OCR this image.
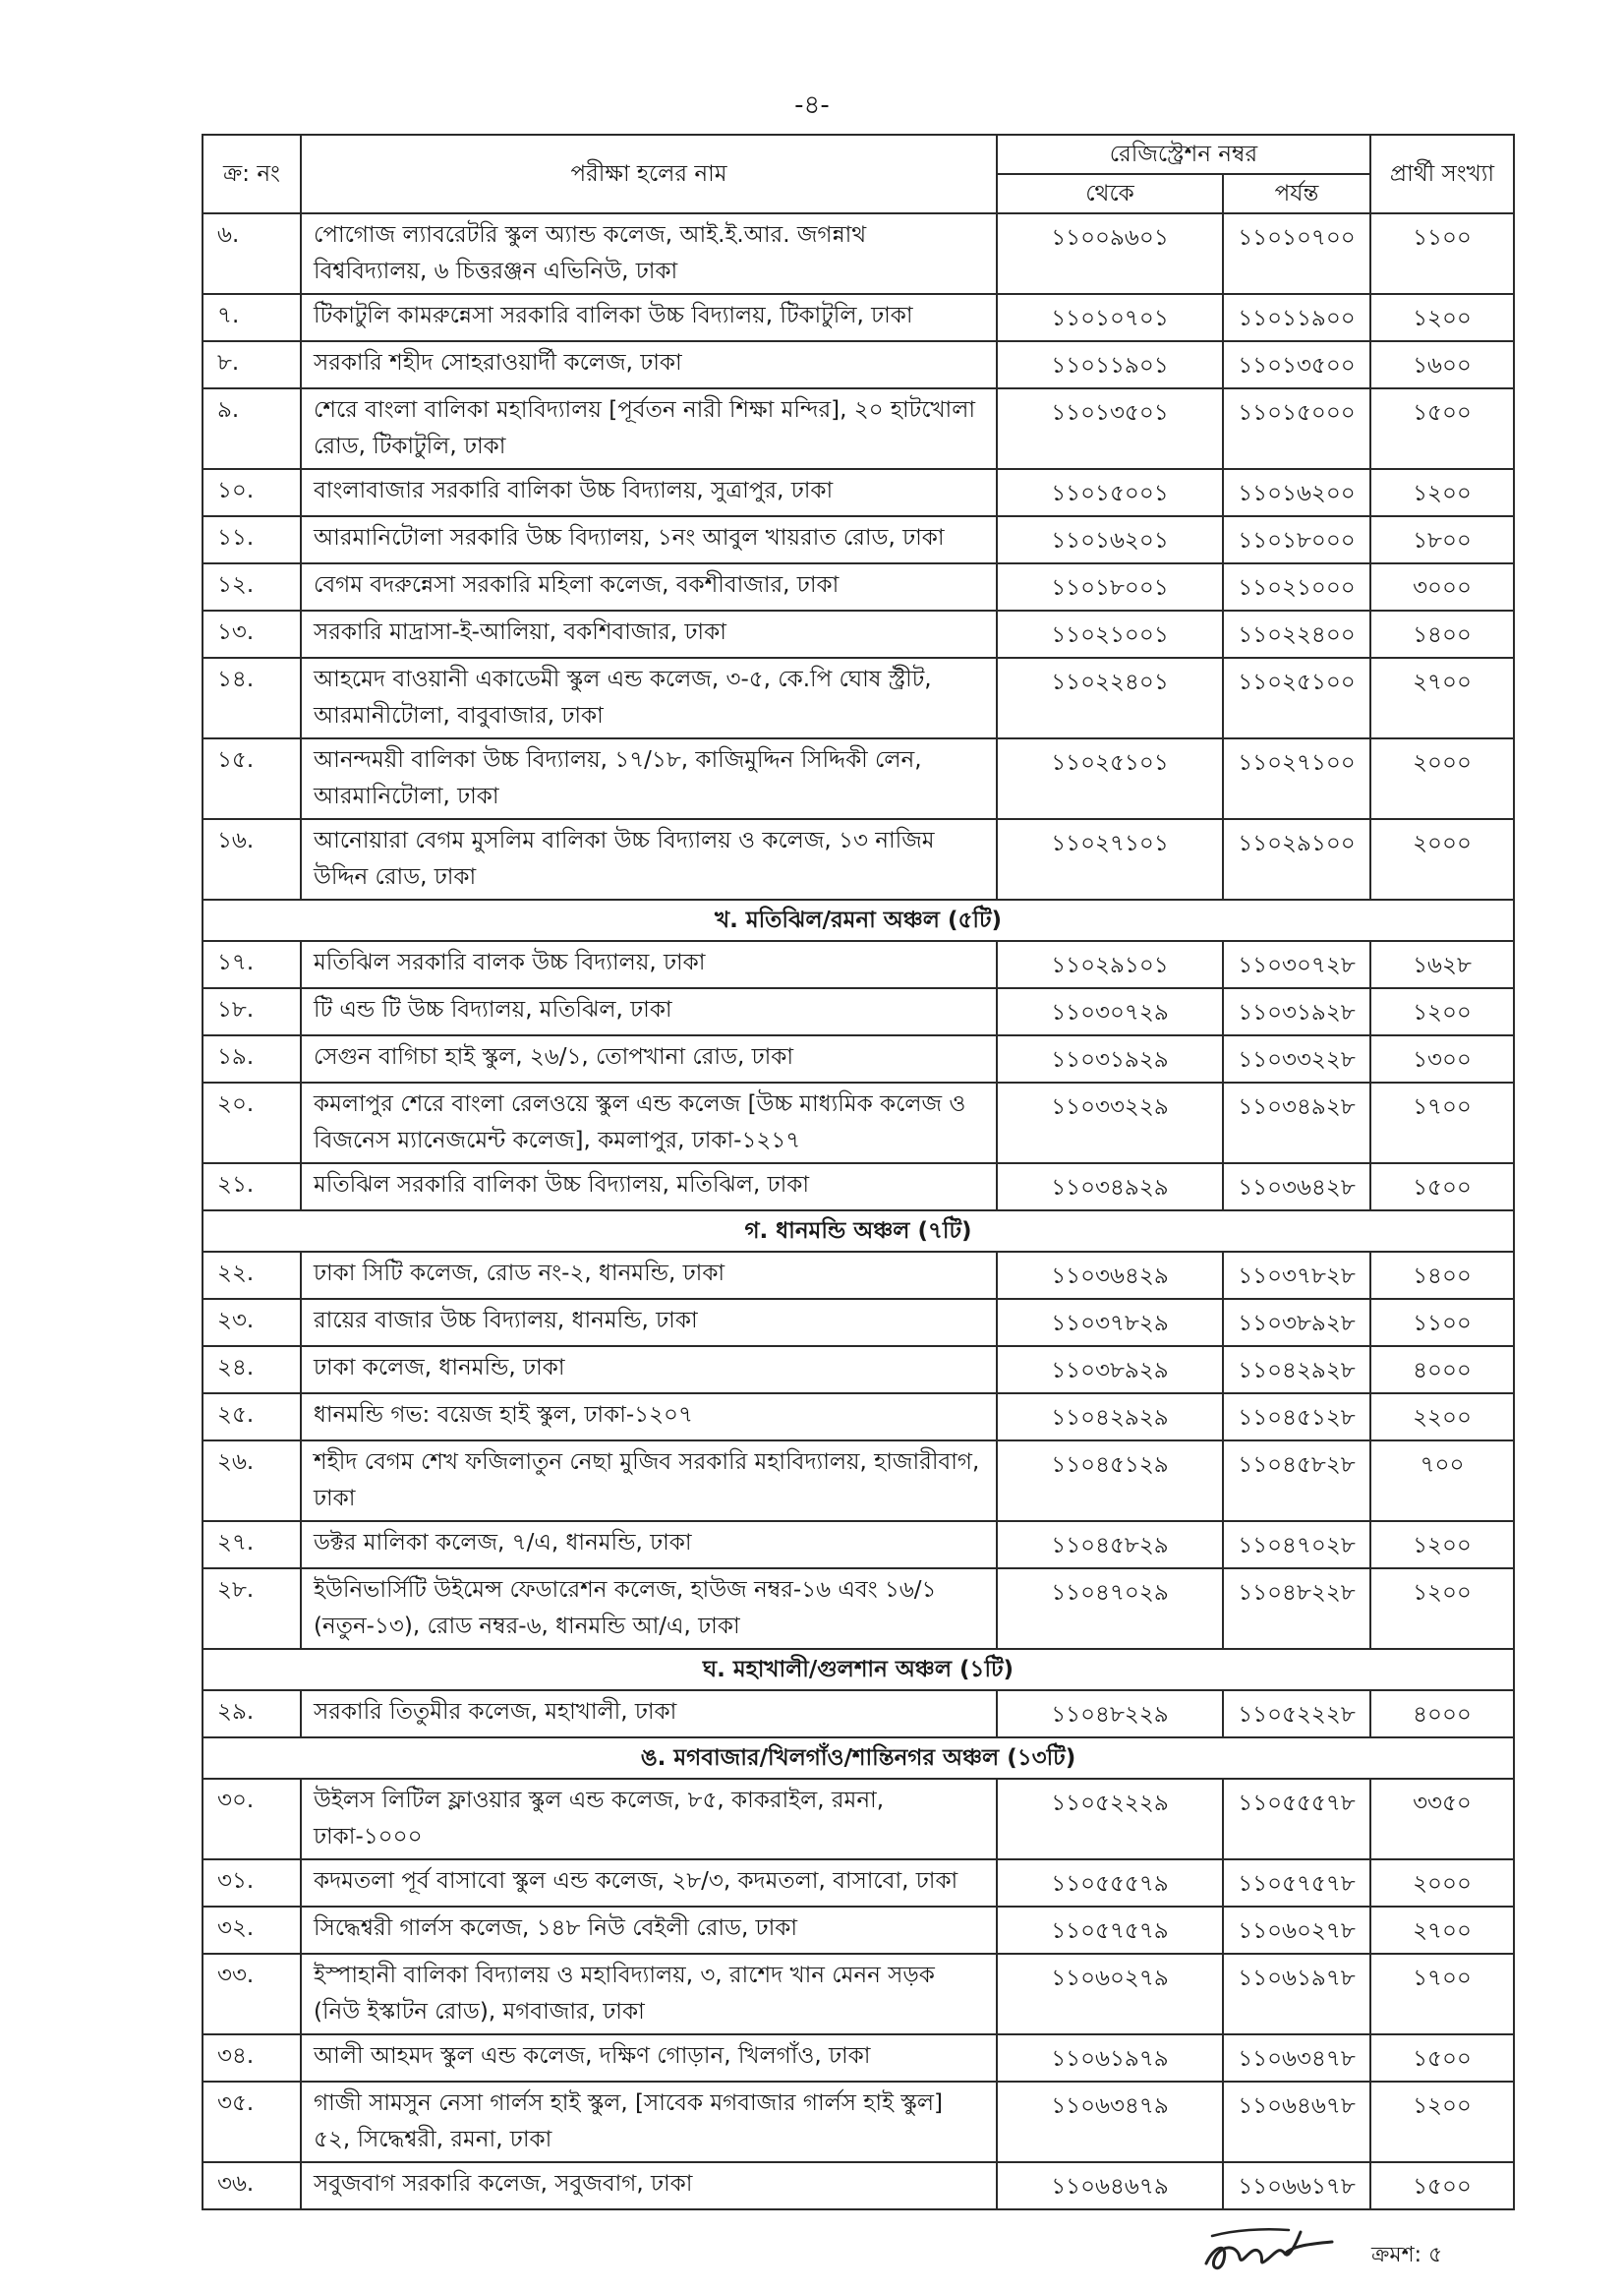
-৪-
ক্র: নং	পরীক্ষা হলের নাম	রেজিস্ট্রেশন নম্বর		প্রার্থী সংখ্যা
		থেকে	পর্যন্ত	
৬.	পোগোজ ল্যাবরেটরি স্কুল অ্যান্ড কলেজ, আই.ই.আর. জগন্নাথ বিশ্ববিদ্যালয়, ৬ চিত্তরঞ্জন এভিনিউ, ঢাকা	১১০০৯৬০১	১১০১০৭০০	১১০০
৭.	টিকাটুলি কামরুন্নেসা সরকারি বালিকা উচ্চ বিদ্যালয়, টিকাটুলি, ঢাকা	১১০১০৭০১	১১০১১৯০০	১২০০
৮.	সরকারি শহীদ সোহরাওয়ার্দী কলেজ, ঢাকা	১১০১১৯০১	১১০১৩৫০০	১৬০০
৯.	শেরে বাংলা বালিকা মহাবিদ্যালয় [পূর্বতন নারী শিক্ষা মন্দির], ২০ হাটখোলা রোড, টিকাটুলি, ঢাকা	১১০১৩৫০১	১১০১৫০০০	১৫০০
১০.	বাংলাবাজার সরকারি বালিকা উচ্চ বিদ্যালয়, সুত্রাপুর, ঢাকা	১১০১৫০০১	১১০১৬২০০	১২০০
১১.	আরমানিটোলা সরকারি উচ্চ বিদ্যালয়, ১নং আবুল খায়রাত রোড, ঢাকা	১১০১৬২০১	১১০১৮০০০	১৮০০
১২.	বেগম বদরুন্নেসা সরকারি মহিলা কলেজ, বকশীবাজার, ঢাকা	১১০১৮০০১	১১০২১০০০	৩০০০
১৩.	সরকারি মাদ্রাসা-ই-আলিয়া, বকশিবাজার, ঢাকা	১১০২১০০১	১১০২২৪০০	১৪০০
১৪.	আহমেদ বাওয়ানী একাডেমী স্কুল এন্ড কলেজ, ৩-৫, কে.পি ঘোষ স্ট্রীট, আরমানীটোলা, বাবুবাজার, ঢাকা	১১০২২৪০১	১১০২৫১০০	২৭০০
১৫.	আনন্দময়ী বালিকা উচ্চ বিদ্যালয়, ১৭/১৮, কাজিমুদ্দিন সিদ্দিকী লেন, আরমানিটোলা, ঢাকা	১১০২৫১০১	১১০২৭১০০	২০০০
১৬.	আনোয়ারা বেগম মুসলিম বালিকা উচ্চ বিদ্যালয় ও কলেজ, ১৩ নাজিম উদ্দিন রোড, ঢাকা	১১০২৭১০১	১১০২৯১০০	২০০০
খ. মতিঝিল/রমনা অঞ্চল (৫টি)				
১৭.	মতিঝিল সরকারি বালক উচ্চ বিদ্যালয়, ঢাকা	১১০২৯১০১	১১০৩০৭২৮	১৬২৮
১৮.	টি এন্ড টি উচ্চ বিদ্যালয়, মতিঝিল, ঢাকা	১১০৩০৭২৯	১১০৩১৯২৮	১২০০
১৯.	সেগুন বাগিচা হাই স্কুল, ২৬/১, তোপখানা রোড, ঢাকা	১১০৩১৯২৯	১১০৩৩২২৮	১৩০০
২০.	কমলাপুর শেরে বাংলা রেলওয়ে স্কুল এন্ড কলেজ [উচ্চ মাধ্যমিক কলেজ ও বিজনেস ম্যানেজমেন্ট কলেজ], কমলাপুর, ঢাকা-১২১৭	১১০৩৩২২৯	১১০৩৪৯২৮	১৭০০
২১.	মতিঝিল সরকারি বালিকা উচ্চ বিদ্যালয়, মতিঝিল, ঢাকা	১১০৩৪৯২৯	১১০৩৬৪২৮	১৫০০
গ. ধানমন্ডি অঞ্চল (৭টি)				
২২.	ঢাকা সিটি কলেজ, রোড নং-২, ধানমন্ডি, ঢাকা	১১০৩৬৪২৯	১১০৩৭৮২৮	১৪০০
২৩.	রায়ের বাজার উচ্চ বিদ্যালয়, ধানমন্ডি, ঢাকা	১১০৩৭৮২৯	১১০৩৮৯২৮	১১০০
২৪.	ঢাকা কলেজ, ধানমন্ডি, ঢাকা	১১০৩৮৯২৯	১১০৪২৯২৮	৪০০০
২৫.	ধানমন্ডি গভ: বয়েজ হাই স্কুল, ঢাকা-১২০৭	১১০৪২৯২৯	১১০৪৫১২৮	২২০০
২৬.	শহীদ বেগম শেখ ফজিলাতুন নেছা মুজিব সরকারি মহাবিদ্যালয়, হাজারীবাগ, ঢাকা	১১০৪৫১২৯	১১০৪৫৮২৮	৭০০
২৭.	ডক্টর মালিকা কলেজ, ৭/এ, ধানমন্ডি, ঢাকা	১১০৪৫৮২৯	১১০৪৭০২৮	১২০০
২৮.	ইউনিভার্সিটি উইমেন্স ফেডারেশন কলেজ, হাউজ নম্বর-১৬ এবং ১৬/১ (নতুন-১৩), রোড নম্বর-৬, ধানমন্ডি আ/এ, ঢাকা	১১০৪৭০২৯	১১০৪৮২২৮	১২০০
ঘ. মহাখালী/গুলশান অঞ্চল (১টি)				
২৯.	সরকারি তিতুমীর কলেজ, মহাখালী, ঢাকা	১১০৪৮২২৯	১১০৫২২২৮	৪০০০
ঙ. মগবাজার/খিলগাঁও/শান্তিনগর অঞ্চল (১৩টি)				
৩০.	উইলস লিটিল ফ্লাওয়ার স্কুল এন্ড কলেজ, ৮৫, কাকরাইল, রমনা, ঢাকা-১০০০	১১০৫২২২৯	১১০৫৫৫৭৮	৩৩৫০
৩১.	কদমতলা পূর্ব বাসাবো স্কুল এন্ড কলেজ, ২৮/৩, কদমতলা, বাসাবো, ঢাকা	১১০৫৫৫৭৯	১১০৫৭৫৭৮	২০০০
৩২.	সিদ্ধেশ্বরী গার্লস কলেজ, ১৪৮ নিউ বেইলী রোড, ঢাকা	১১০৫৭৫৭৯	১১০৬০২৭৮	২৭০০
৩৩.	ইস্পাহানী বালিকা বিদ্যালয় ও মহাবিদ্যালয়, ৩, রাশেদ খান মেনন সড়ক (নিউ ইস্কাটন রোড), মগবাজার, ঢাকা	১১০৬০২৭৯	১১০৬১৯৭৮	১৭০০
৩৪.	আলী আহমদ স্কুল এন্ড কলেজ, দক্ষিণ গোড়ান, খিলগাঁও, ঢাকা	১১০৬১৯৭৯	১১০৬৩৪৭৮	১৫০০
৩৫.	গাজী সামসুন নেসা গার্লস হাই স্কুল, [সাবেক মগবাজার গার্লস হাই স্কুল] ৫২, সিদ্ধেশ্বরী, রমনা, ঢাকা	১১০৬৩৪৭৯	১১০৬৪৬৭৮	১২০০
৩৬.	সবুজবাগ সরকারি কলেজ, সবুজবাগ, ঢাকা	১১০৬৪৬৭৯	১১০৬৬১৭৮	১৫০০
ক্রমশ: ৫
